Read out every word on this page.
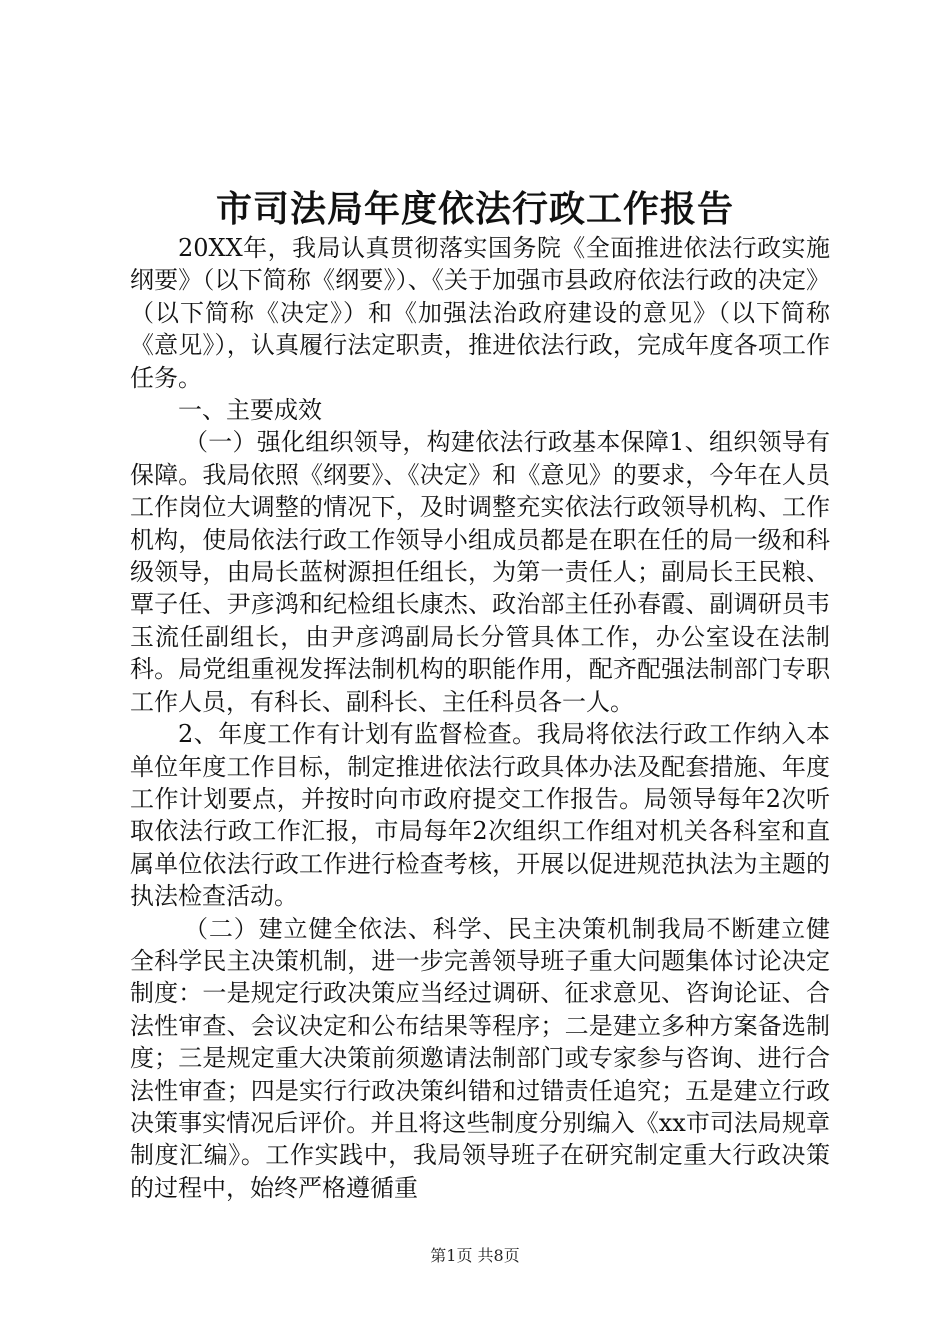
市司法局年度依法行政工作报告

20XX年，我局认真贯彻落实国务院《全面推进依法行政实施纲要》（以下简称《纲要》）、《关于加强市县政府依法行政的决定》（以下简称《决定》）和《加强法治政府建设的意见》（以下简称《意见》），认真履行法定职责，推进依法行政，完成年度各项工作任务。

一、主要成效

（一）强化组织领导，构建依法行政基本保障1、组织领导有保障。我局依照《纲要》、《决定》和《意见》的要求，今年在人员工作岗位大调整的情况下，及时调整充实依法行政领导机构、工作机构，使局依法行政工作领导小组成员都是在职在任的局一级和科级领导，由局长蓝树源担任组长，为第一责任人；副局长王民粮、覃子任、尹彦鸿和纪检组长康杰、政治部主任孙春霞、副调研员韦玉流任副组长，由尹彦鸿副局长分管具体工作，办公室设在法制科。局党组重视发挥法制机构的职能作用，配齐配强法制部门专职工作人员，有科长、副科长、主任科员各一人。

2、年度工作有计划有监督检查。我局将依法行政工作纳入本单位年度工作目标，制定推进依法行政具体办法及配套措施、年度工作计划要点，并按时向市政府提交工作报告。局领导每年2次听取依法行政工作汇报，市局每年2次组织工作组对机关各科室和直属单位依法行政工作进行检查考核，开展以促进规范执法为主题的执法检查活动。

（二）建立健全依法、科学、民主决策机制我局不断建立健全科学民主决策机制，进一步完善领导班子重大问题集体讨论决定制度：一是规定行政决策应当经过调研、征求意见、咨询论证、合法性审查、会议决定和公布结果等程序；二是建立多种方案备选制度；三是规定重大决策前须邀请法制部门或专家参与咨询、进行合法性审查；四是实行行政决策纠错和过错责任追究；五是建立行政决策事实情况后评价。并且将这些制度分别编入《xx市司法局规章制度汇编》。工作实践中，我局领导班子在研究制定重大行政决策的过程中，始终严格遵循重

第1页 共8页
